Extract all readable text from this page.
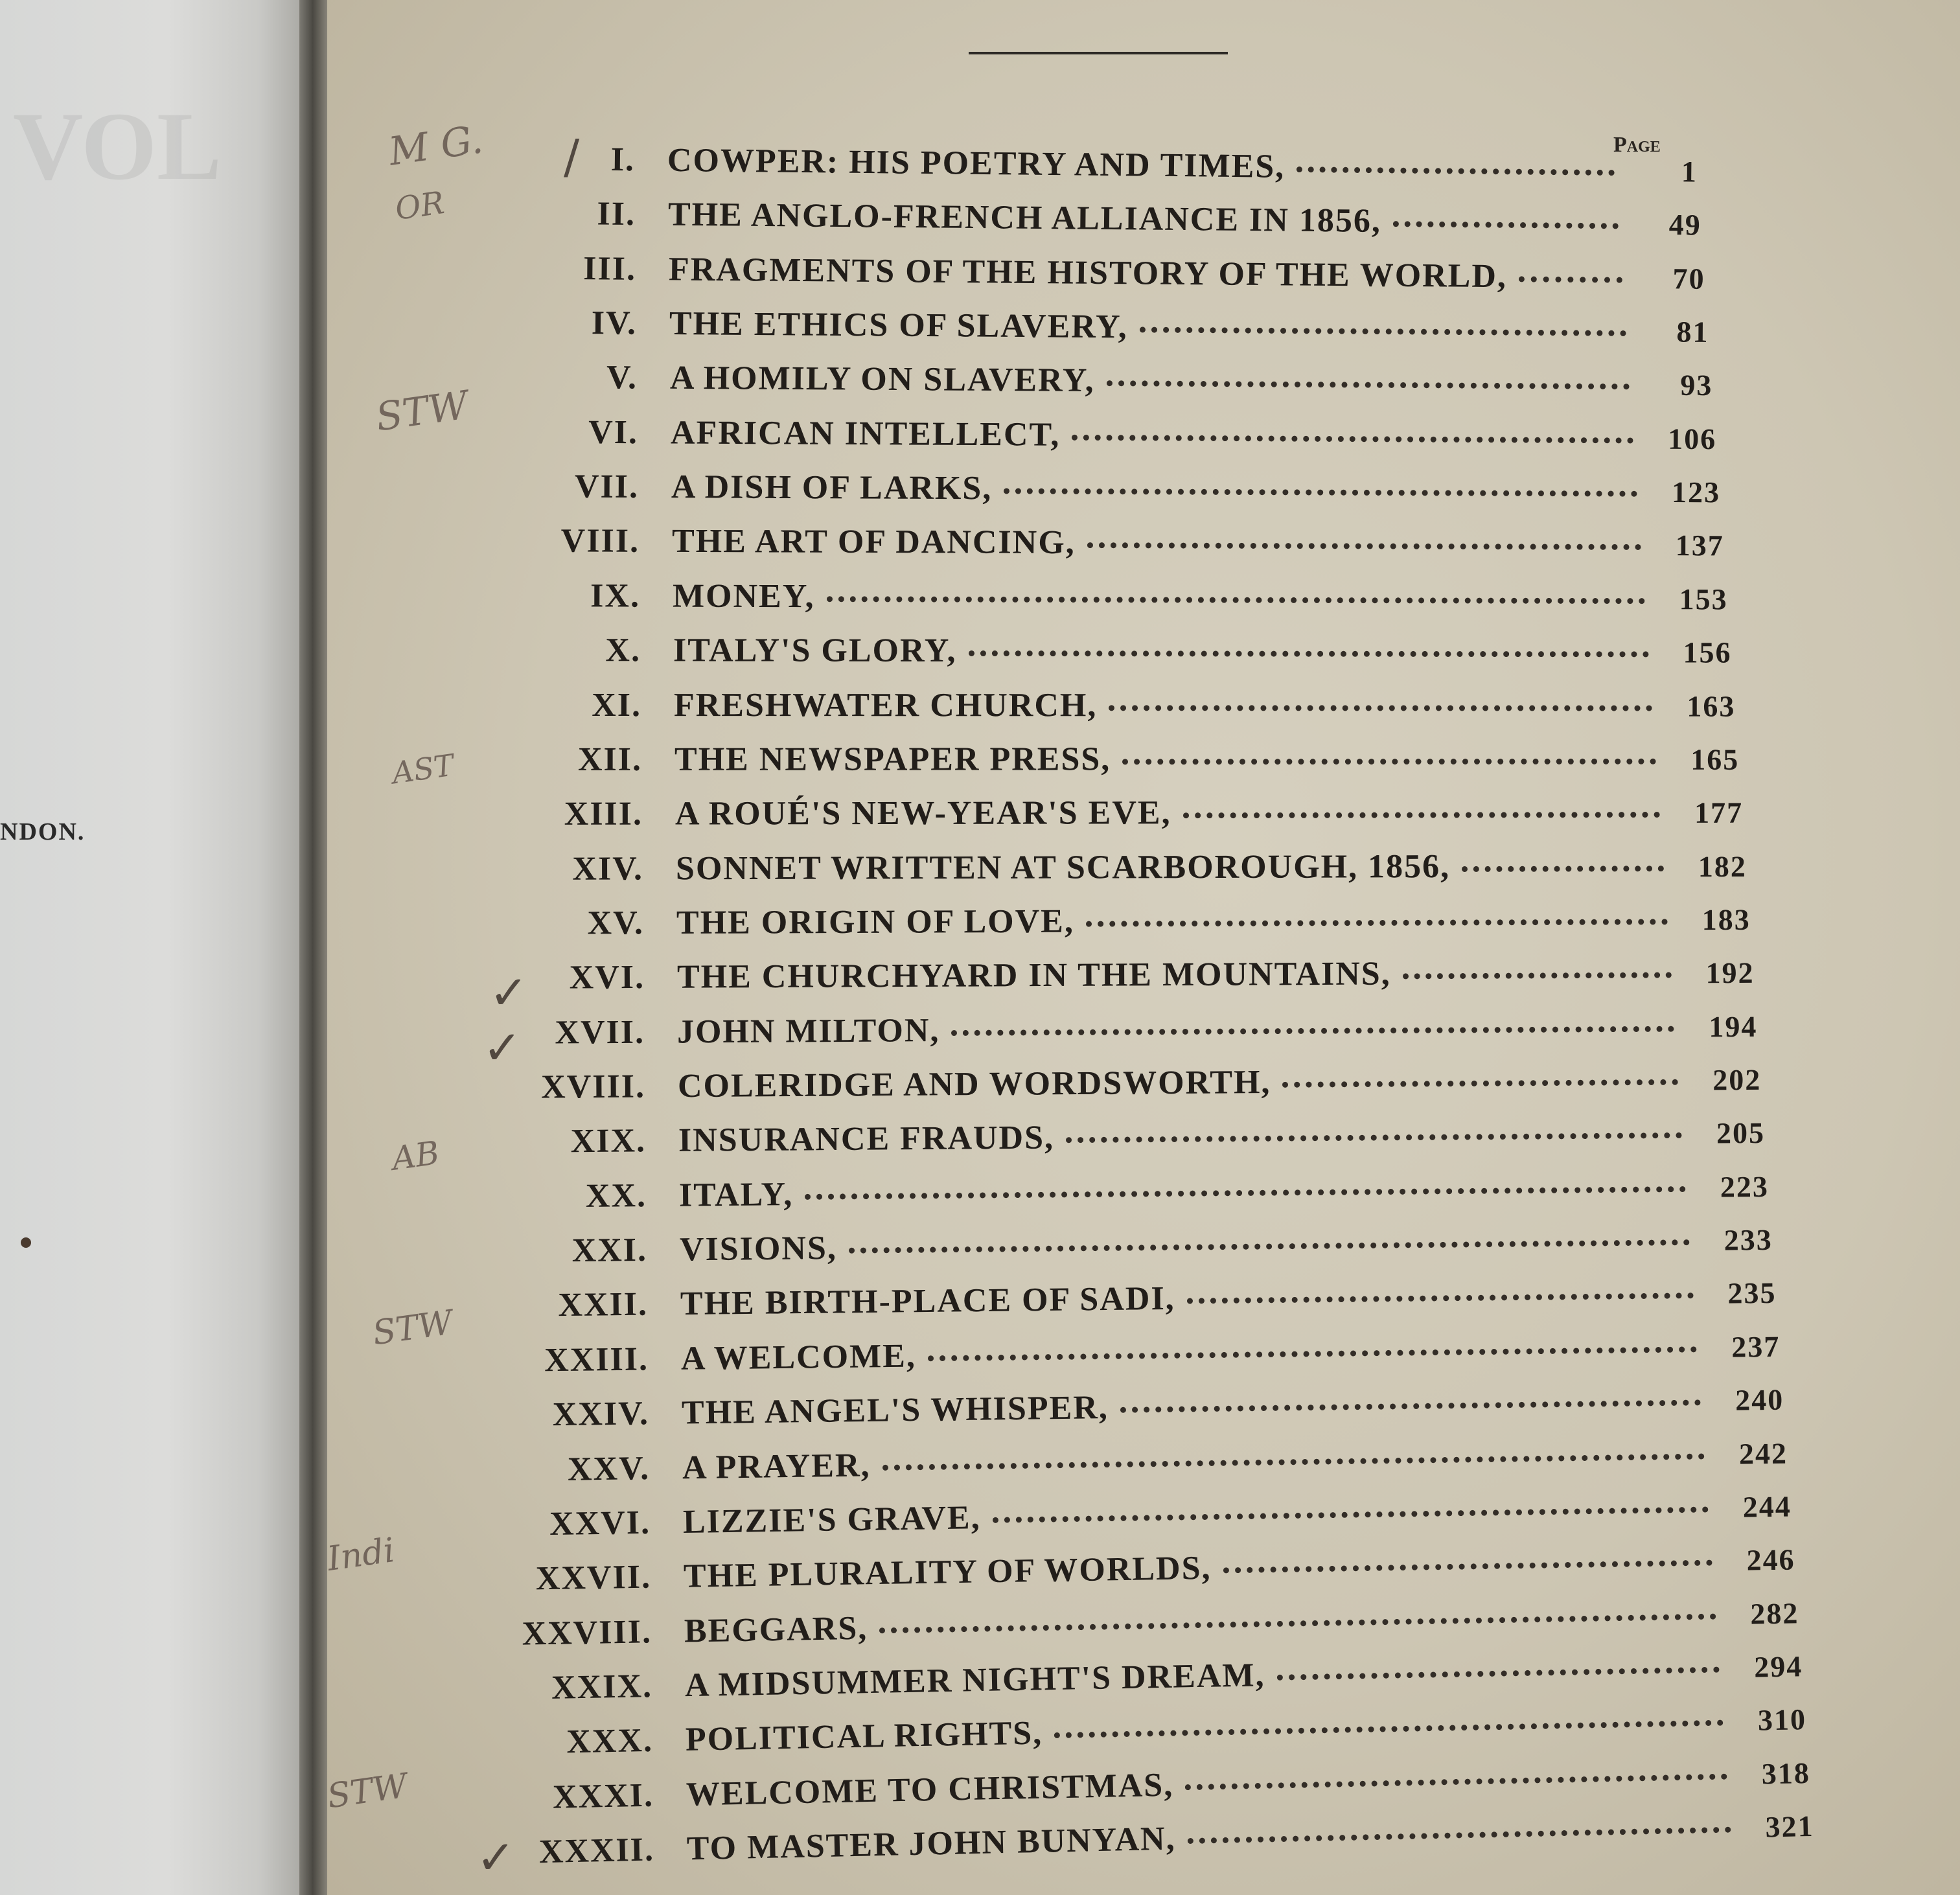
VOL
NDON.
Page
I. COWPER: HIS POETRY AND TIMES,	1
II. THE ANGLO-FRENCH ALLIANCE IN 1856,	49
III. FRAGMENTS OF THE HISTORY OF THE WORLD,	70
IV. THE ETHICS OF SLAVERY,	81
V. A HOMILY ON SLAVERY,	93
VI. AFRICAN INTELLECT,	106
VII. A DISH OF LARKS,	123
VIII. THE ART OF DANCING,	137
IX. MONEY,	153
X. ITALY'S GLORY,	156
XI. FRESHWATER CHURCH,	163
XII. THE NEWSPAPER PRESS,	165
XIII. A ROUÉ'S NEW-YEAR'S EVE,	177
XIV. SONNET WRITTEN AT SCARBOROUGH, 1856,	182
XV. THE ORIGIN OF LOVE,	183
XVI. THE CHURCHYARD IN THE MOUNTAINS,	192
XVII. JOHN MILTON,	194
XVIII. COLERIDGE AND WORDSWORTH,	202
XIX. INSURANCE FRAUDS,	205
XX. ITALY,	223
XXI. VISIONS,	233
XXII. THE BIRTH-PLACE OF SADI,	235
XXIII. A WELCOME,	237
XXIV. THE ANGEL'S WHISPER,	240
XXV. A PRAYER,	242
XXVI. LIZZIE'S GRAVE,	244
XXVII. THE PLURALITY OF WORLDS,	246
XXVIII. BEGGARS,	282
XXIX. A MIDSUMMER NIGHT'S DREAM,	294
XXX. POLITICAL RIGHTS,	310
XXXI. WELCOME TO CHRISTMAS,	318
XXXII. TO MASTER JOHN BUNYAN,	321
M G.
OR
/
STW
AST
✓
✓
AB
STW
Indi
STW
✓
